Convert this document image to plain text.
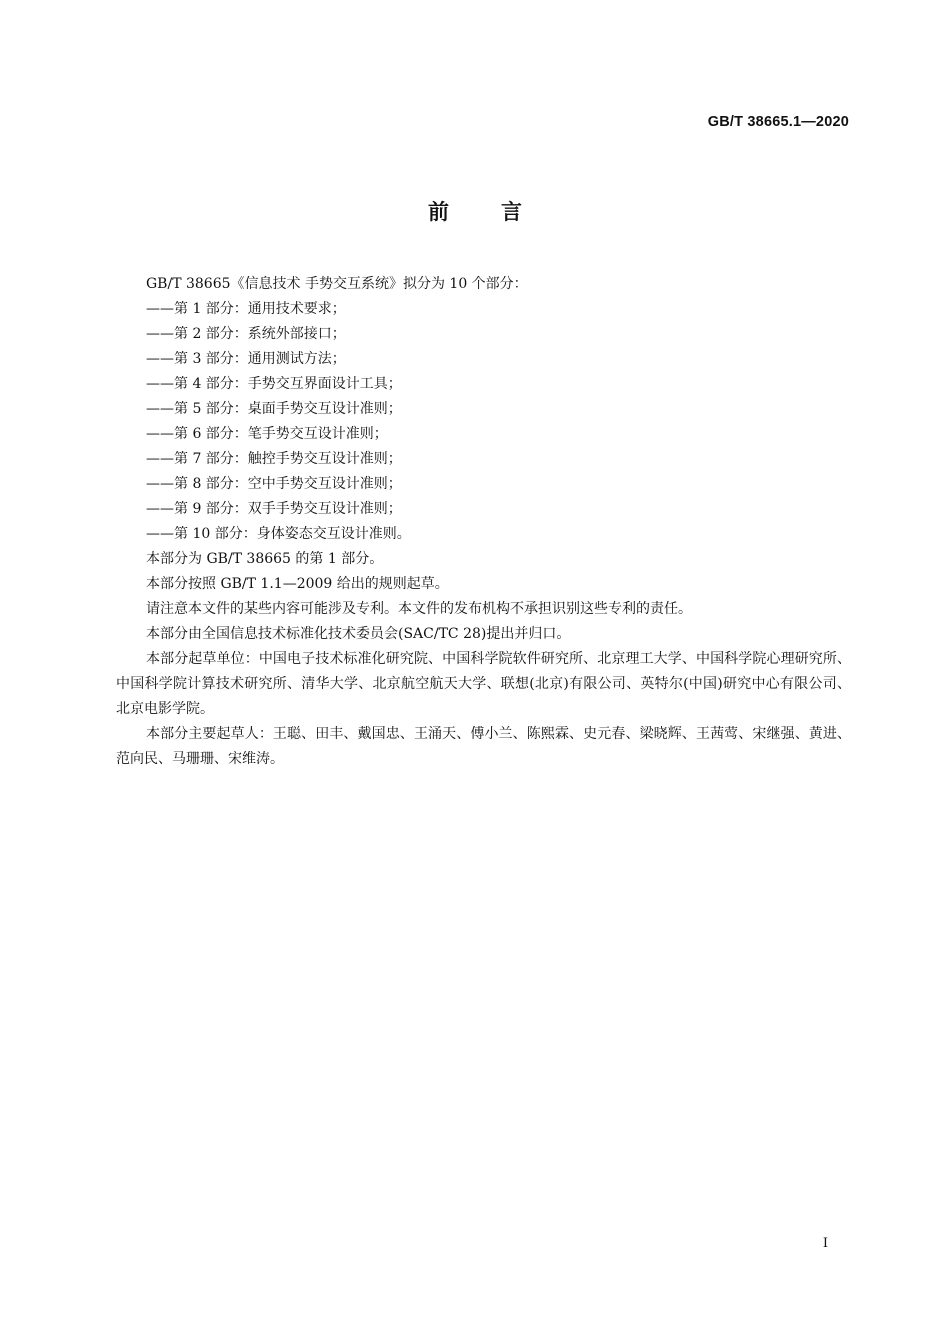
GB/T 38665.1—2020
前言

GB/T 38665《信息技术 手势交互系统》拟分为 10 个部分：

——第 1 部分：通用技术要求；

——第 2 部分：系统外部接口；

——第 3 部分：通用测试方法；

——第 4 部分：手势交互界面设计工具；

——第 5 部分：桌面手势交互设计准则；

——第 6 部分：笔手势交互设计准则；

——第 7 部分：触控手势交互设计准则；

——第 8 部分：空中手势交互设计准则；

——第 9 部分：双手手势交互设计准则；

——第 10 部分：身体姿态交互设计准则。

本部分为 GB/T 38665 的第 1 部分。

本部分按照 GB/T 1.1—2009 给出的规则起草。

请注意本文件的某些内容可能涉及专利。本文件的发布机构不承担识别这些专利的责任。

本部分由全国信息技术标准化技术委员会(SAC/TC 28)提出并归口。

本部分起草单位：中国电子技术标准化研究院、中国科学院软件研究所、北京理工大学、中国科学院心理研究所、中国科学院计算技术研究所、清华大学、北京航空航天大学、联想(北京)有限公司、英特尔(中国)研究中心有限公司、北京电影学院。

本部分主要起草人：王聪、田丰、戴国忠、王涌天、傅小兰、陈熙霖、史元春、梁晓辉、王茜莺、宋继强、黄进、范向民、马珊珊、宋维涛。

I
